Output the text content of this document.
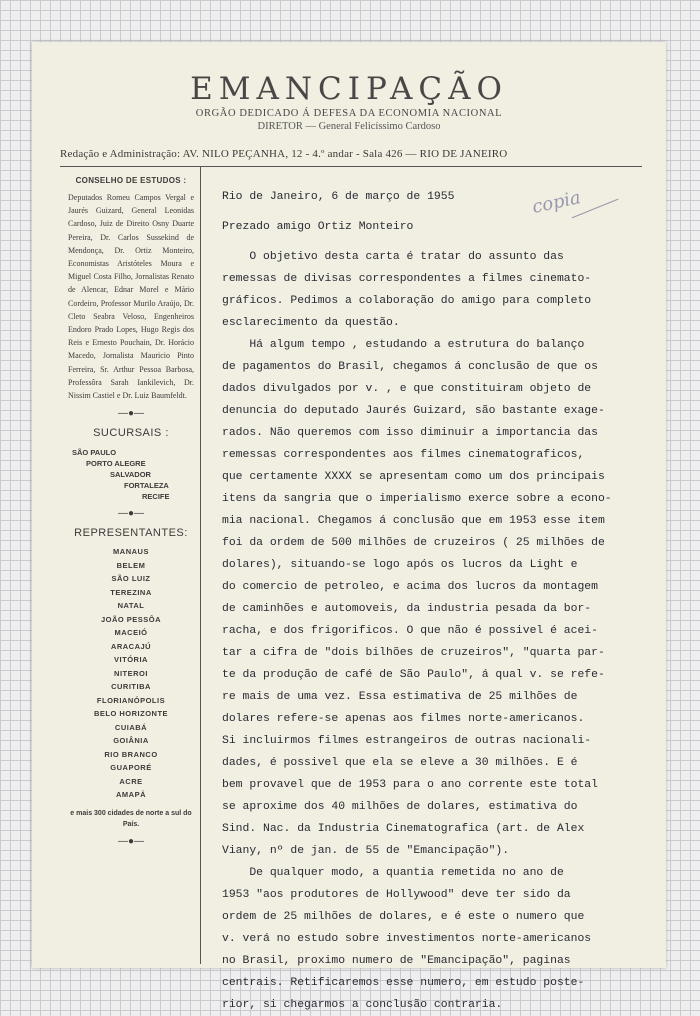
EMANCIPAÇÃO
ORGÃO DEDICADO Á DEFESA DA ECONOMIA NACIONAL
DIRETOR — General Felicíssimo Cardoso
Redação e Administração: AV. NILO PEÇANHA, 12 - 4.º andar - Sala 426 — RIO DE JANEIRO
CONSELHO DE ESTUDOS :
Deputados Romeu Campos Vergal e Jaurés Guizard, General Leonidas Cardoso, Juiz de Direito Osny Duarte Pereira, Dr. Carlos Sussekind de Mendonça, Dr. Ortiz Monteiro, Economistas Aristóteles Moura e Miguel Costa Filho, Jornalistas Renato de Alencar, Ednar Morel e Mário Cordeiro, Professor Murilo Araújo, Dr. Cleto Seabra Veloso, Engenheiros Endoro Prado Lopes, Hugo Regis dos Reis e Ernesto Pouchain, Dr. Horácio Macedo, Jornalista Mauricio Pinto Ferreira, Sr. Arthur Pessoa Barbosa, Professôra Sarah Iankilevich, Dr. Nissim Castiel e Dr. Luiz Baumfeldt.
—●—
SUCURSAIS :
SÃO PAULO
PORTO ALEGRE
SALVADOR
FORTALEZA
RECIFE
—●—
REPRESENTANTES:
MANAUS
BELEM
SÃO LUIZ
TEREZINA
NATAL
JOÃO PESSÔA
MACEIÓ
ARACAJÚ
VITÓRIA
NITEROI
CURITIBA
FLORIANÓPOLIS
BELO HORIZONTE
CUIABÁ
GOIÂNIA
RIO BRANCO
GUAPORÉ
ACRE
AMAPÁ
e mais 300 cidades de norte a sul do País.
—●—
copia
Rio de Janeiro, 6 de março de 1955
Prezado amigo Ortiz Monteiro
O objetivo desta carta é tratar do assunto das
remessas de divisas correspondentes a filmes cinemato-
gráficos. Pedimos a colaboração do amigo para completo
esclarecimento da questão.
Há algum tempo , estudando a estrutura do balanço
de pagamentos do Brasil, chegamos á conclusão de que os
dados divulgados por v. , e que constituiram objeto de
denuncia do deputado Jaurés Guizard, são bastante exage-
rados. Não queremos com isso diminuir a importancia das
remessas correspondentes aos filmes cinematograficos,
que certamente XXXX se apresentam como um dos principais
itens da sangria que o imperialismo exerce sobre a econo-
mia nacional. Chegamos á conclusão que em 1953 esse item
foi da ordem de 500 milhões de cruzeiros ( 25 milhões de
dolares), situando-se logo após os lucros da Light e
do comercio de petroleo, e acima dos lucros da montagem
de caminhões e automoveis, da industria pesada da bor-
racha, e dos frigorificos. O que não é possivel é acei-
tar a cifra de "dois bilhões de cruzeiros", "quarta par-
te da produção de café de São Paulo", á qual v. se refe-
re mais de uma vez. Essa estimativa de 25 milhões de
dolares refere-se apenas aos filmes norte-americanos.
Si incluirmos filmes estrangeiros de outras nacionali-
dades, é possivel que ela se eleve a 30 milhões. E é
bem provavel que de 1953 para o ano corrente este total
se aproxime dos 40 milhões de dolares, estimativa do
Sind. Nac. da Industria Cinematografica (art. de Alex
Viany, nº de jan. de 55 de "Emancipação").
De qualquer modo, a quantia remetida no ano de
1953 "aos produtores de Hollywood" deve ter sido da
ordem de 25 milhões de dolares, e é este o numero que
v. verá no estudo sobre investimentos norte-americanos
no Brasil, proximo numero de "Emancipação", paginas
centrais. Retificaremos esse numero, em estudo poste-
rior, si chegarmos a conclusão contraria.
